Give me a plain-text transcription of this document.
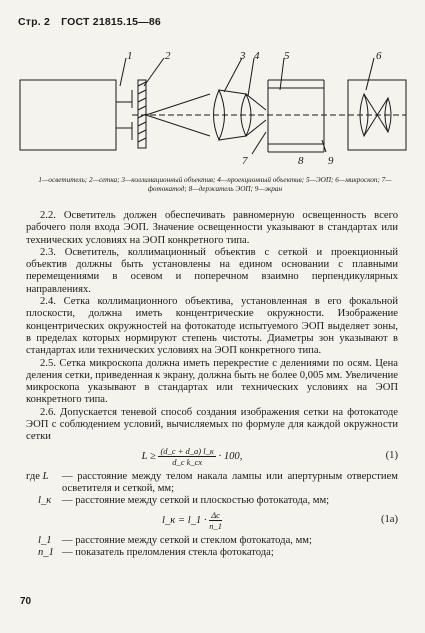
Стр. 2 ГОСТ 21815.15—86
1	2	3 4 5	6
7	8 9
1—осветитель; 2—сетка; 3—коллимационный объектив; 4—проекционный объектив; 5—ЭОП; 6—микроскоп; 7—фотокатод; 8—держатель ЭОП; 9—экран

2.2. Осветитель должен обеспечивать равномерную освещенность всего рабочего поля входа ЭОП. Значение освещенности указывают в стандартах или технических условиях на ЭОП конкретного типа.

2.3. Осветитель, коллимационный объектив с сеткой и проекционный объектив должны быть установлены на едином основании с плавными перемещениями в осевом и поперечном взаимно перпендикулярных направлениях.

2.4. Сетка коллимационного объектива, установленная в его фокальной плоскости, должна иметь концентрические окружности. Изображение концентрических окружностей на фотокатоде испытуемого ЭОП выделяет зоны, в пределах которых нормируют степень чистоты. Диаметры зон указывают в стандартах или технических условиях на ЭОП конкретного типа.

2.5. Сетка микроскопа должна иметь перекрестие с делениями по осям. Цена деления сетки, приведенная к экрану, должна быть не более 0,005 мм. Увеличение микроскопа указывают в стандартах или технических условиях на ЭОП конкретного типа.

2.6. Допускается теневой способ создания изображения сетки на фотокатоде ЭОП с соблюдением условий, вычисляемых по формуле для каждой окружности сетки

$L \ge \frac{(d\_c + d\_a) l\_к}{\text{d\_c k\_сх}} \cdot 100$,	(1)
где L	— расстояние между телом накала лампы или апертурным отверстием осветителя и сеткой, мм;
l_к	— расстояние между сеткой и плоскостью фотокатода, мм;
l_к = l_1 · $\frac{\Delta c}{n\_1}$	(1а)
l_1 — расстояние между сеткой и стеклом фотокатода, мм;
n_1 — показатель преломления стекла фотокатода;
70
